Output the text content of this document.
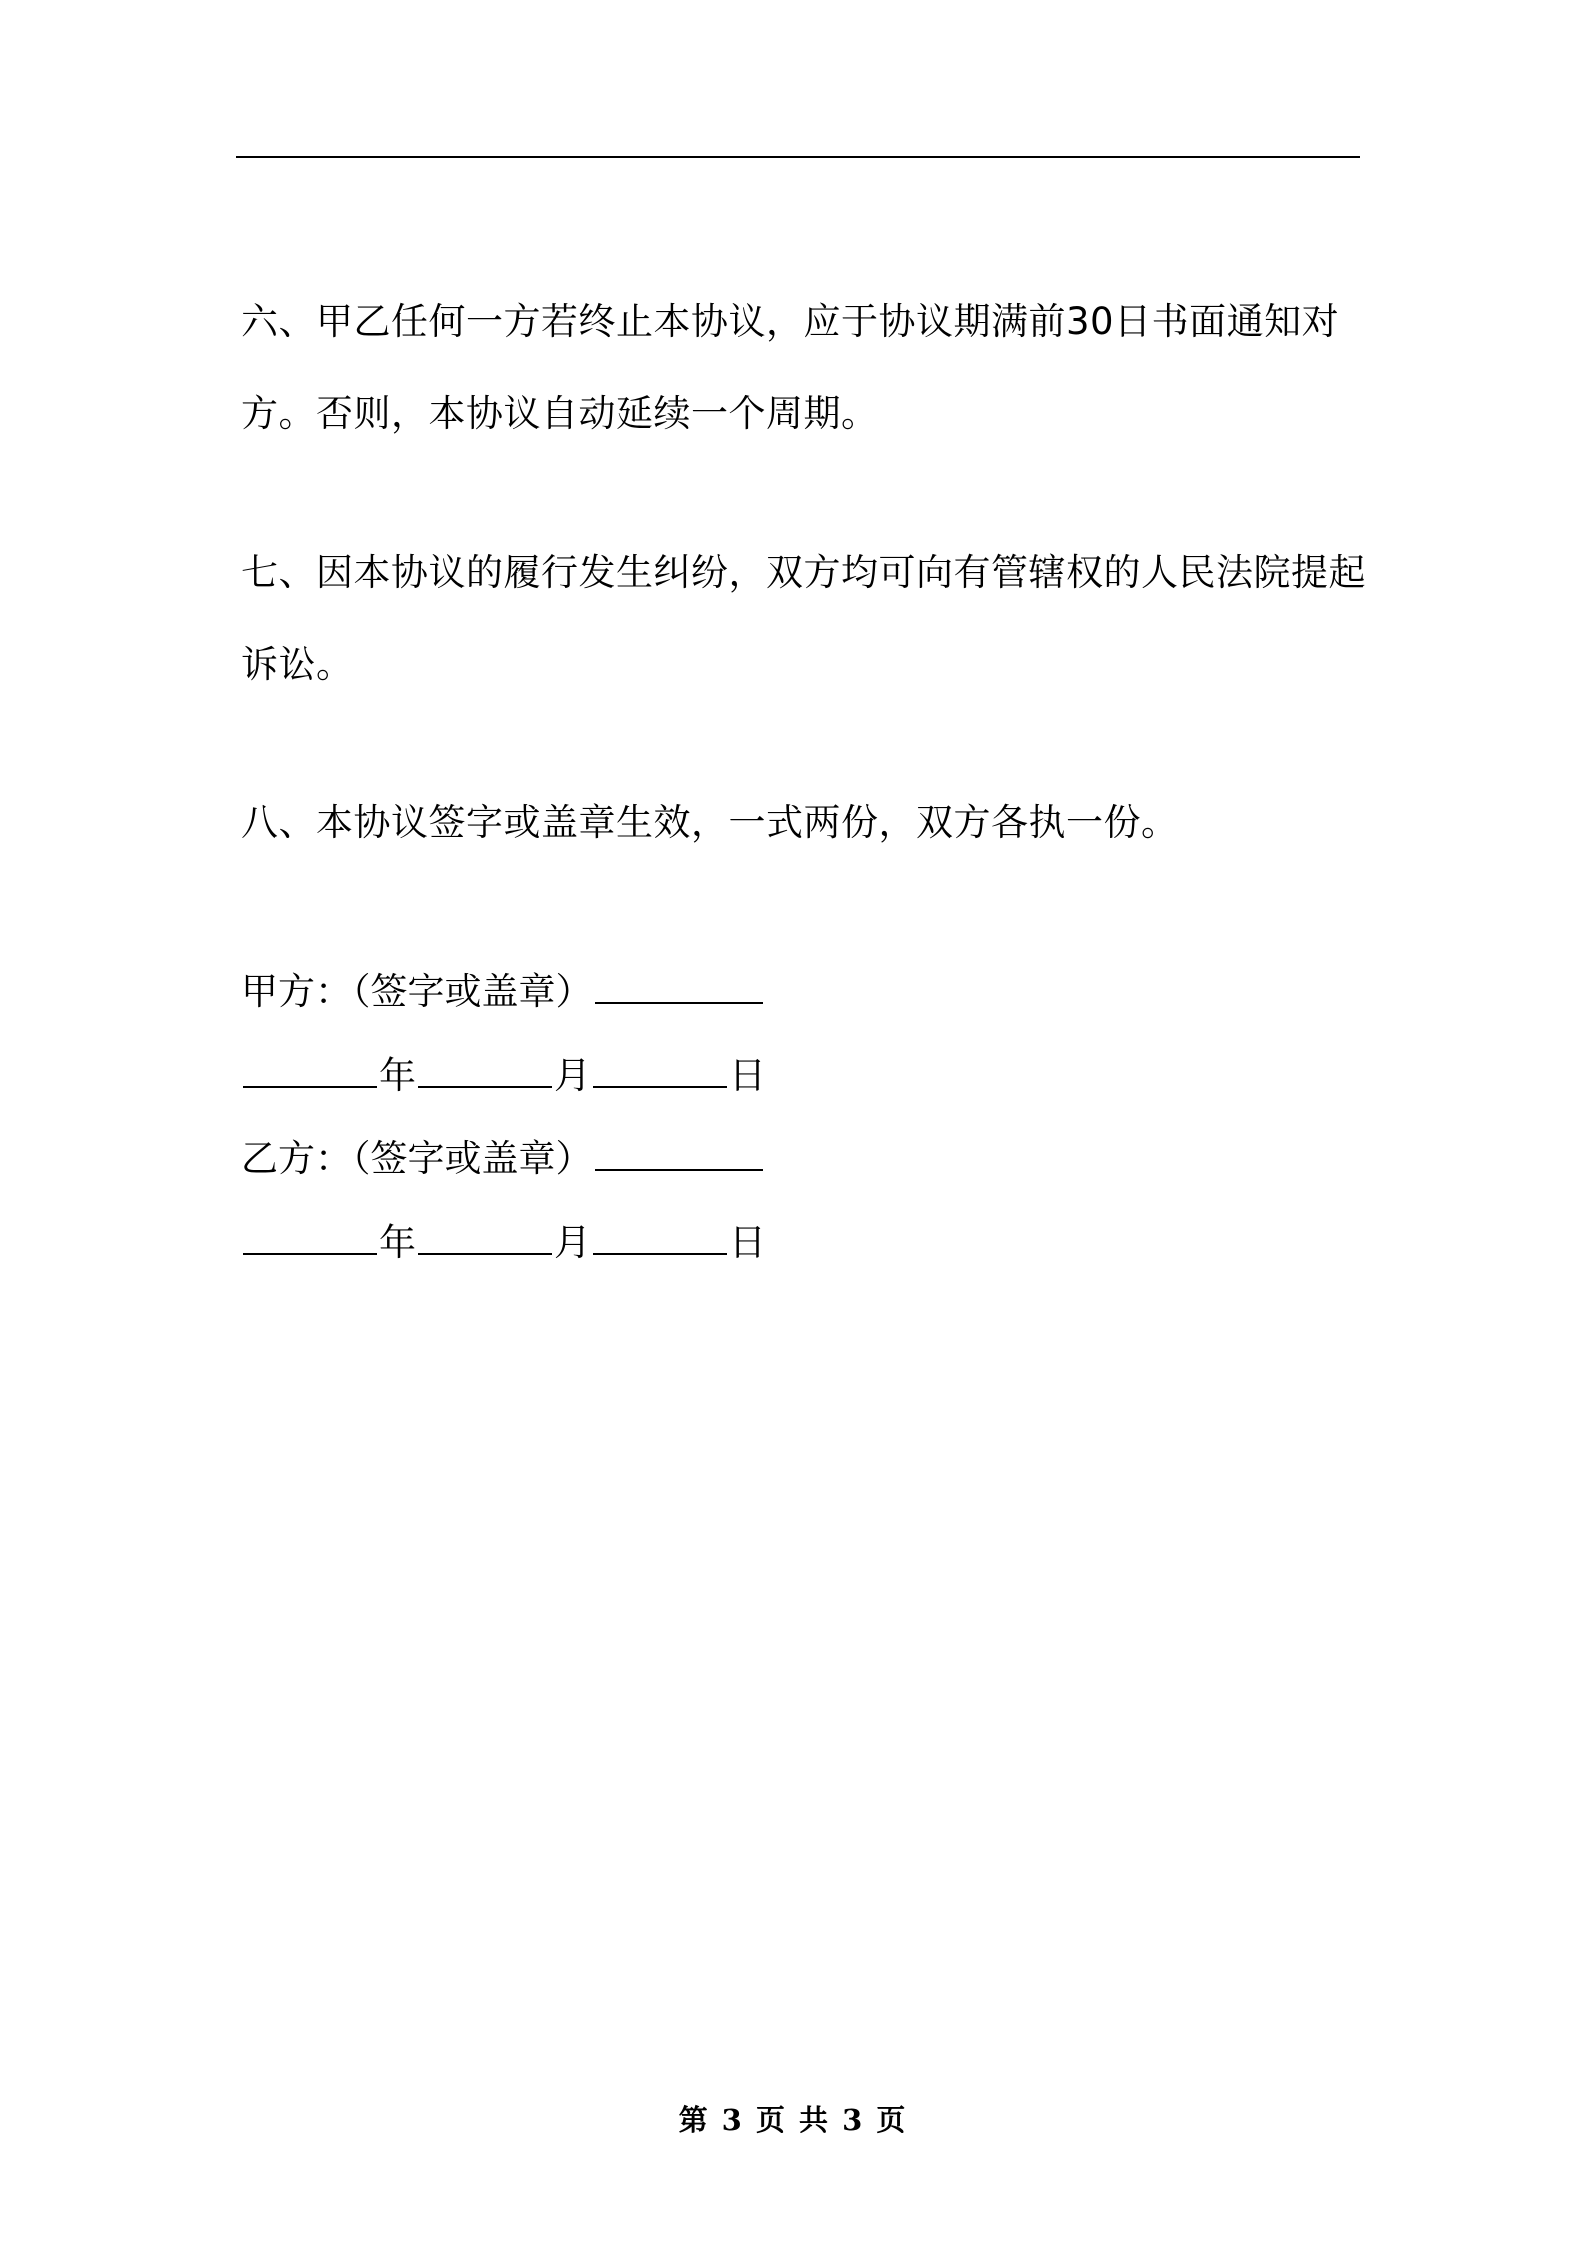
六、甲乙任何一方若终止本协议，应于协议期满前30日书面通知对方。否则，本协议自动延续一个周期。

七、因本协议的履行发生纠纷，双方均可向有管辖权的人民法院提起诉讼。

八、本协议签字或盖章生效，一式两份，双方各执一份。

甲方：（签字或盖章）
年	月	日
乙方：（签字或盖章）
年	月	日
第 3 页 共 3 页
